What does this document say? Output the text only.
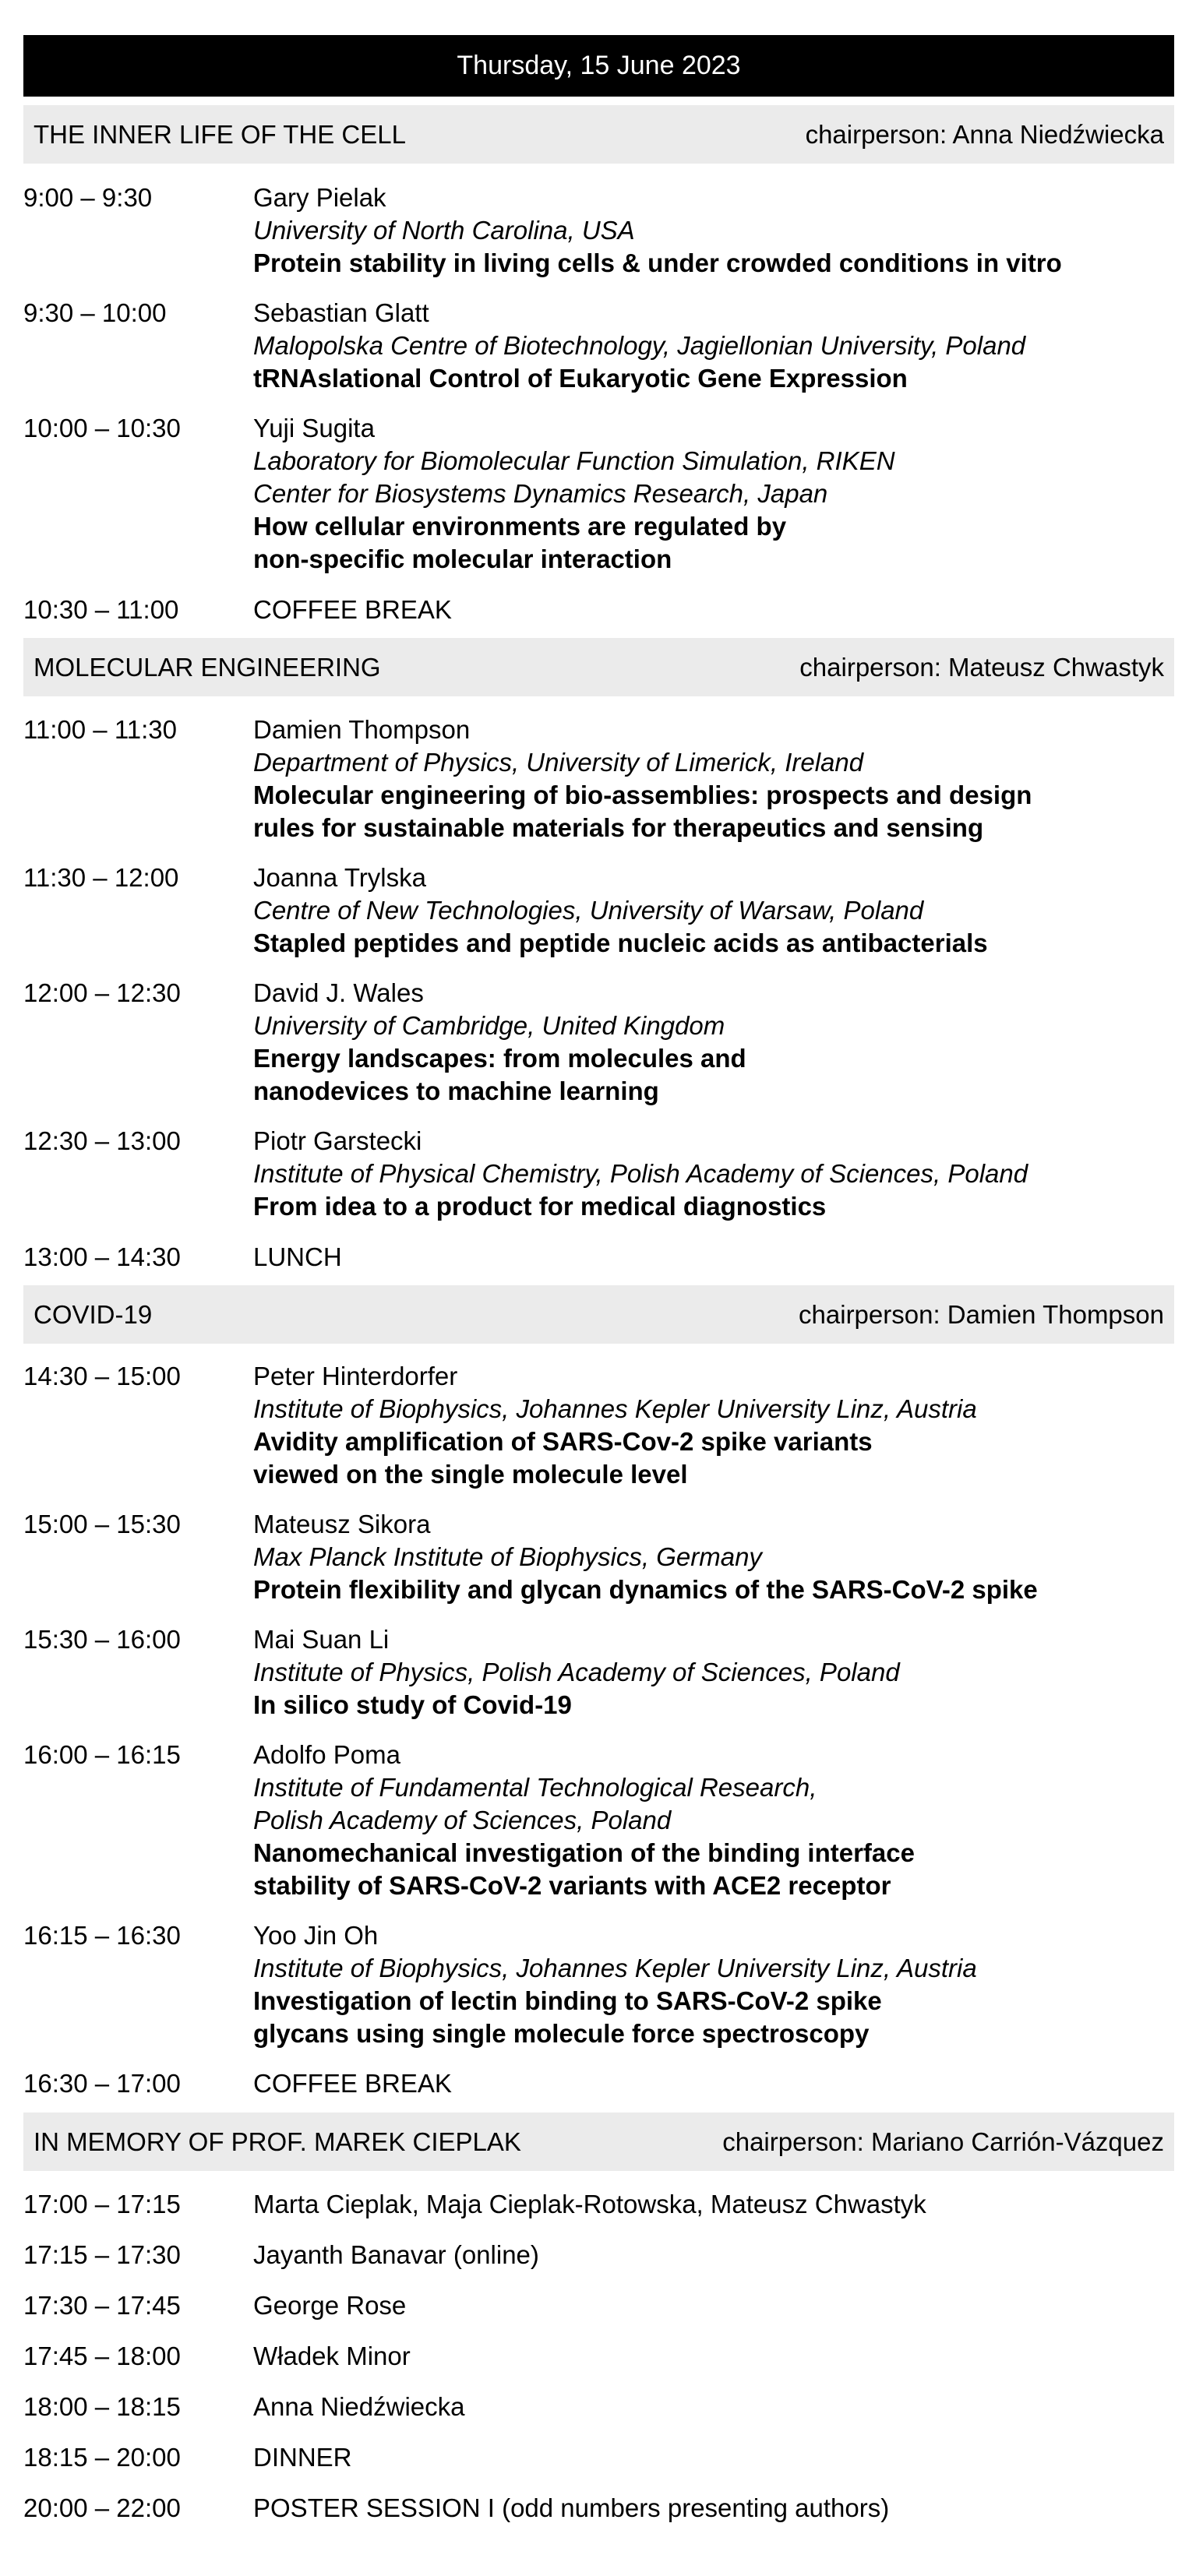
Thursday, 15 June 2023
THE INNER LIFE OF THE CELL	chairperson: Anna Niedźwiecka
9:00 – 9:30	Gary Pielak
University of North Carolina, USA
Protein stability in living cells & under crowded conditions in vitro
9:30 – 10:00	Sebastian Glatt
Malopolska Centre of Biotechnology, Jagiellonian University, Poland
tRNAslational Control of Eukaryotic Gene Expression
10:00 – 10:30	Yuji Sugita
Laboratory for Biomolecular Function Simulation, RIKEN
Center for Biosystems Dynamics Research, Japan
How cellular environments are regulated by
non-specific molecular interaction
10:30 – 11:00	COFFEE BREAK
MOLECULAR ENGINEERING	chairperson: Mateusz Chwastyk
11:00 – 11:30	Damien Thompson
Department of Physics, University of Limerick, Ireland
Molecular engineering of bio-assemblies: prospects and design
rules for sustainable materials for therapeutics and sensing
11:30 – 12:00	Joanna Trylska
Centre of New Technologies, University of Warsaw, Poland
Stapled peptides and peptide nucleic acids as antibacterials
12:00 – 12:30	David J. Wales
University of Cambridge, United Kingdom
Energy landscapes: from molecules and
nanodevices to machine learning
12:30 – 13:00	Piotr Garstecki
Institute of Physical Chemistry, Polish Academy of Sciences, Poland
From idea to a product for medical diagnostics
13:00 – 14:30	LUNCH
COVID-19	chairperson: Damien Thompson
14:30 – 15:00	Peter Hinterdorfer
Institute of Biophysics, Johannes Kepler University Linz, Austria
Avidity amplification of SARS-Cov-2 spike variants
viewed on the single molecule level
15:00 – 15:30	Mateusz Sikora
Max Planck Institute of Biophysics, Germany
Protein flexibility and glycan dynamics of the SARS-CoV-2 spike
15:30 – 16:00	Mai Suan Li
Institute of Physics, Polish Academy of Sciences, Poland
In silico study of Covid-19
16:00 – 16:15	Adolfo Poma
Institute of Fundamental Technological Research,
Polish Academy of Sciences, Poland
Nanomechanical investigation of the binding interface
stability of SARS-CoV-2 variants with ACE2 receptor
16:15 – 16:30	Yoo Jin Oh
Institute of Biophysics, Johannes Kepler University Linz, Austria
Investigation of lectin binding to SARS-CoV-2 spike
glycans using single molecule force spectroscopy
16:30 – 17:00	COFFEE BREAK
IN MEMORY OF PROF. MAREK CIEPLAK	chairperson: Mariano Carrión-Vázquez
17:00 – 17:15	Marta Cieplak, Maja Cieplak-Rotowska, Mateusz Chwastyk
17:15 – 17:30	Jayanth Banavar (online)
17:30 – 17:45	George Rose
17:45 – 18:00	Władek Minor
18:00 – 18:15	Anna Niedźwiecka
18:15 – 20:00	DINNER
20:00 – 22:00	POSTER SESSION I (odd numbers presenting authors)
